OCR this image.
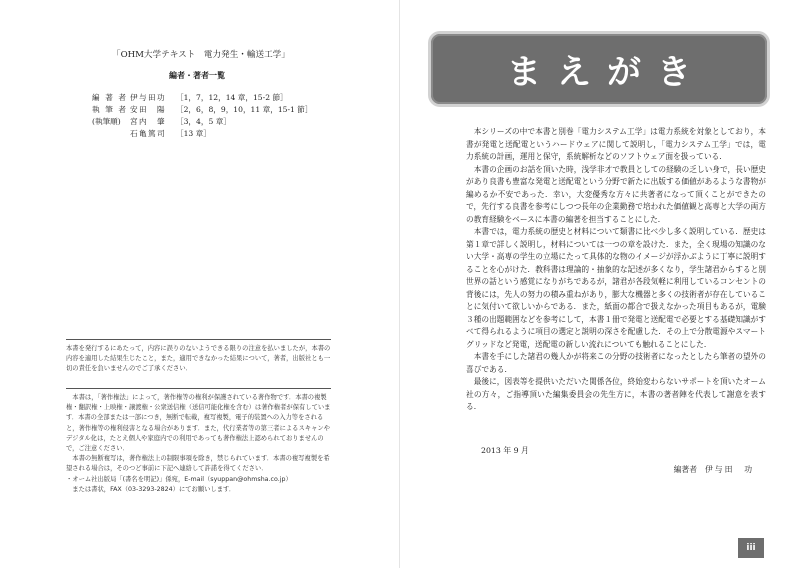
「OHM大学テキスト　電力発生・輸送工学」
編者・著者一覧
編 著 者 伊与田功 ［1，7，12，14 章，15-2 節］
執 筆 者 安田　陽 ［2，6，8，9，10，11 章，15-1 節］
(執筆順) 宮内　肇 ［3，4，5 章］
石亀篤司 ［13 章］

本書を発行するにあたって，内容に誤りのないようできる限りの注意を払いましたが，本書の内容を適用した結果生じたこと，また，適用できなかった結果について，著者，出版社とも一切の責任を負いませんのでご了承ください．

本書は，「著作権法」によって，著作権等の権利が保護されている著作物です．本書の複製権・翻訳権・上映権・譲渡権・公衆送信権（送信可能化権を含む）は著作権者が保有しています．本書の全部または一部につき，無断で転載，複写複製，電子的装置への入力等をされると，著作権等の権利侵害となる場合があります．また，代行業者等の第三者によるスキャンやデジタル化は，たとえ個人や家庭内での利用であっても著作権法上認められておりませんので，ご注意ください．

本書の無断複写は，著作権法上の制限事項を除き，禁じられています．本書の複写複製を希望される場合は，そのつど事前に下記へ連絡して許諾を得てください．

・オーム社出版局「(書名を明記)」係宛，E-mail（syuppan@ohmsha.co.jp）

または書状，FAX（03-3293-2824）にてお願いします．

まえがき

本シリーズの中で本書と別巻「電力システム工学」は電力系統を対象としており，本書が発電と送配電というハードウェアに関して説明し，「電力システム工学」では，電力系統の計画，運用と保守，系統解析などのソフトウェア面を扱っている．

本書の企画のお話を頂いた時，浅学非才で教員としての経験の乏しい身で，長い歴史があり良書も豊富な発電と送配電という分野で新たに出版する価値があるような書物が編めるか不安であった．幸い，大変優秀な方々に共著者になって頂くことができたので，先行する良書を参考にしつつ長年の企業勤務で培われた価値観と高専と大学の両方の教育経験をベースに本書の編著を担当することにした．

本書では，電力系統の歴史と材料について類書に比べ少し多く説明している．歴史は第１章で詳しく説明し，材料については一つの章を設けた．また，全く現場の知識のない大学・高専の学生の立場にたって具体的な物のイメージが浮かぶように丁寧に説明することを心がけた．教科書は理論的・抽象的な記述が多くなり，学生諸君からすると別世界の話という感覚になりがちであるが，諸君が各段気軽に利用しているコンセントの背後には，先人の努力の積み重ねがあり，膨大な機器と多くの技術者が存在していることに気付いて欲しいからである．また，紙面の都合で扱えなかった項目もあるが，電験３種の出題範囲などを参考にして，本書１冊で発電と送配電で必要とする基礎知識がすべて得られるように項目の選定と説明の深さを配慮した．その上で分散電源やスマートグリッドなど発電，送配電の新しい流れについても触れることにした．

本書を手にした諸君の幾人かが将来この分野の技術者になったとしたら筆者の望外の喜びである．

最後に，図表等を提供いただいた関係各位，終始変わらないサポートを頂いたオーム社の方々，ご指導頂いた編集委員会の先生方に，本書の著者陣を代表して謝意を表する．

2013 年 9 月
編著者 伊与田　功
iii
